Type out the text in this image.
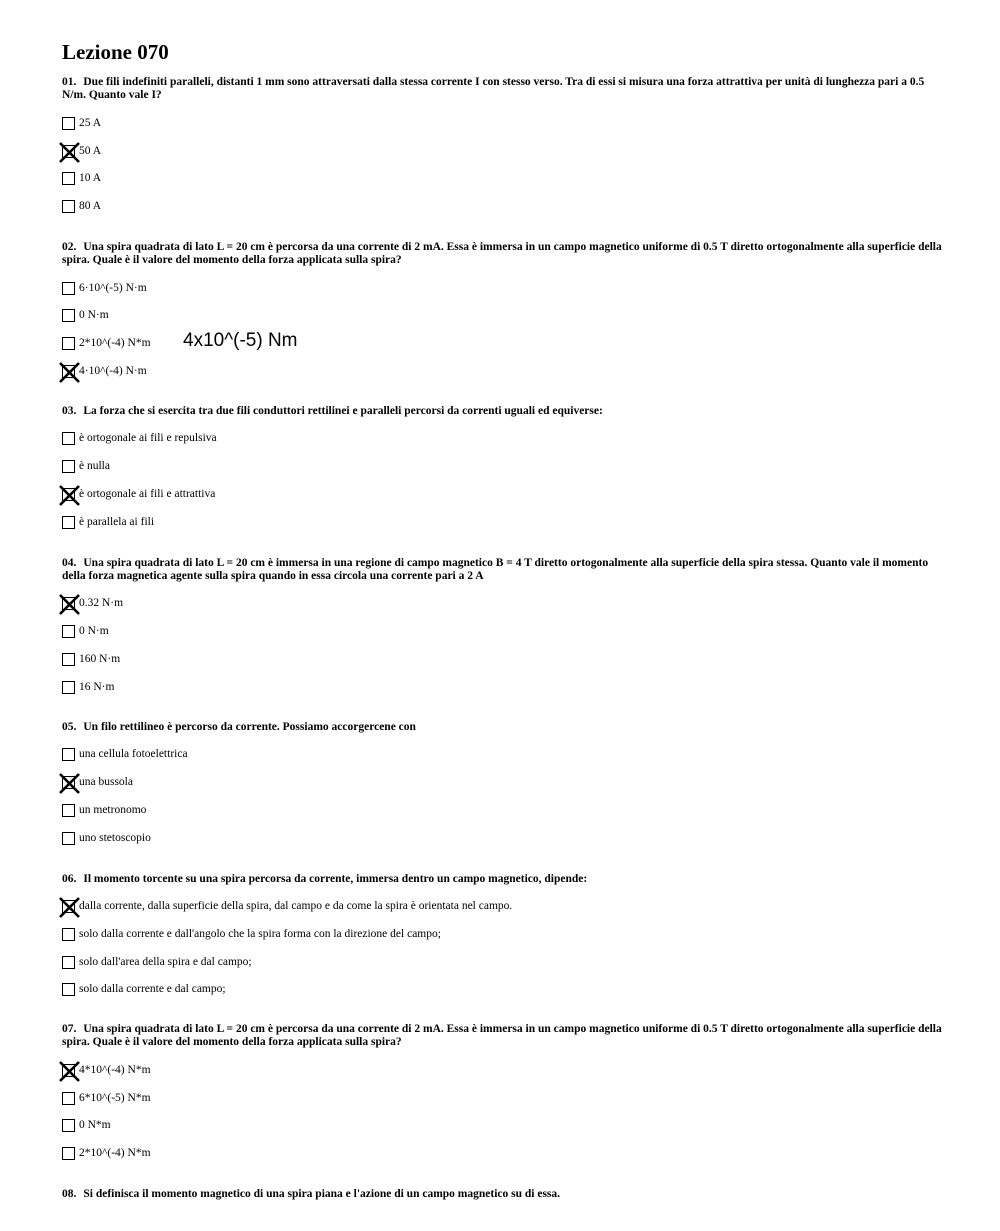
Lezione 070
4x10^(-5) Nm

01. Due fili indefiniti paralleli, distanti 1 mm sono attraversati dalla stessa corrente I con stesso verso. Tra di essi si misura una forza attrattiva per unità di lunghezza pari a 0.5 N/m. Quanto vale I?

02. Una spira quadrata di lato L = 20 cm è percorsa da una corrente di 2 mA. Essa è immersa in un campo magnetico uniforme di 0.5 T diretto ortogonalmente alla superficie della spira. Quale è il valore del momento della forza applicata sulla spira?

03. La forza che si esercita tra due fili conduttori rettilinei e paralleli percorsi da correnti uguali ed equiverse:

04. Una spira quadrata di lato L = 20 cm è immersa in una regione di campo magnetico B = 4 T diretto ortogonalmente alla superficie della spira stessa. Quanto vale il momento della forza magnetica agente sulla spira quando in essa circola una corrente pari a 2 A

05. Un filo rettilineo è percorso da corrente. Possiamo accorgercene con

06. Il momento torcente su una spira percorsa da corrente, immersa dentro un campo magnetico, dipende:

07. Una spira quadrata di lato L = 20 cm è percorsa da una corrente di 2 mA. Essa è immersa in un campo magnetico uniforme di 0.5 T diretto ortogonalmente alla superficie della spira. Quale è il valore del momento della forza applicata sulla spira?

08. Si definisca il momento magnetico di una spira piana e l'azione di un campo magnetico su di essa.

25 A
50 A
10 A
80 A
6·10^(-5) N·m
0 N·m
2*10^(-4) N*m
4·10^(-4) N·m
è ortogonale ai fili e repulsiva
è nulla
è ortogonale ai fili e attrattiva
è parallela ai fili
0.32 N·m
0 N·m
160 N·m
16 N·m
una cellula fotoelettrica
una bussola
un metronomo
uno stetoscopio
dalla corrente, dalla superficie della spira, dal campo e da come la spira è orientata nel campo.
solo dalla corrente e dall'angolo che la spira forma con la direzione del campo;
solo dall'area della spira e dal campo;
solo dalla corrente e dal campo;
4*10^(-4) N*m
6*10^(-5) N*m
0 N*m
2*10^(-4) N*m
